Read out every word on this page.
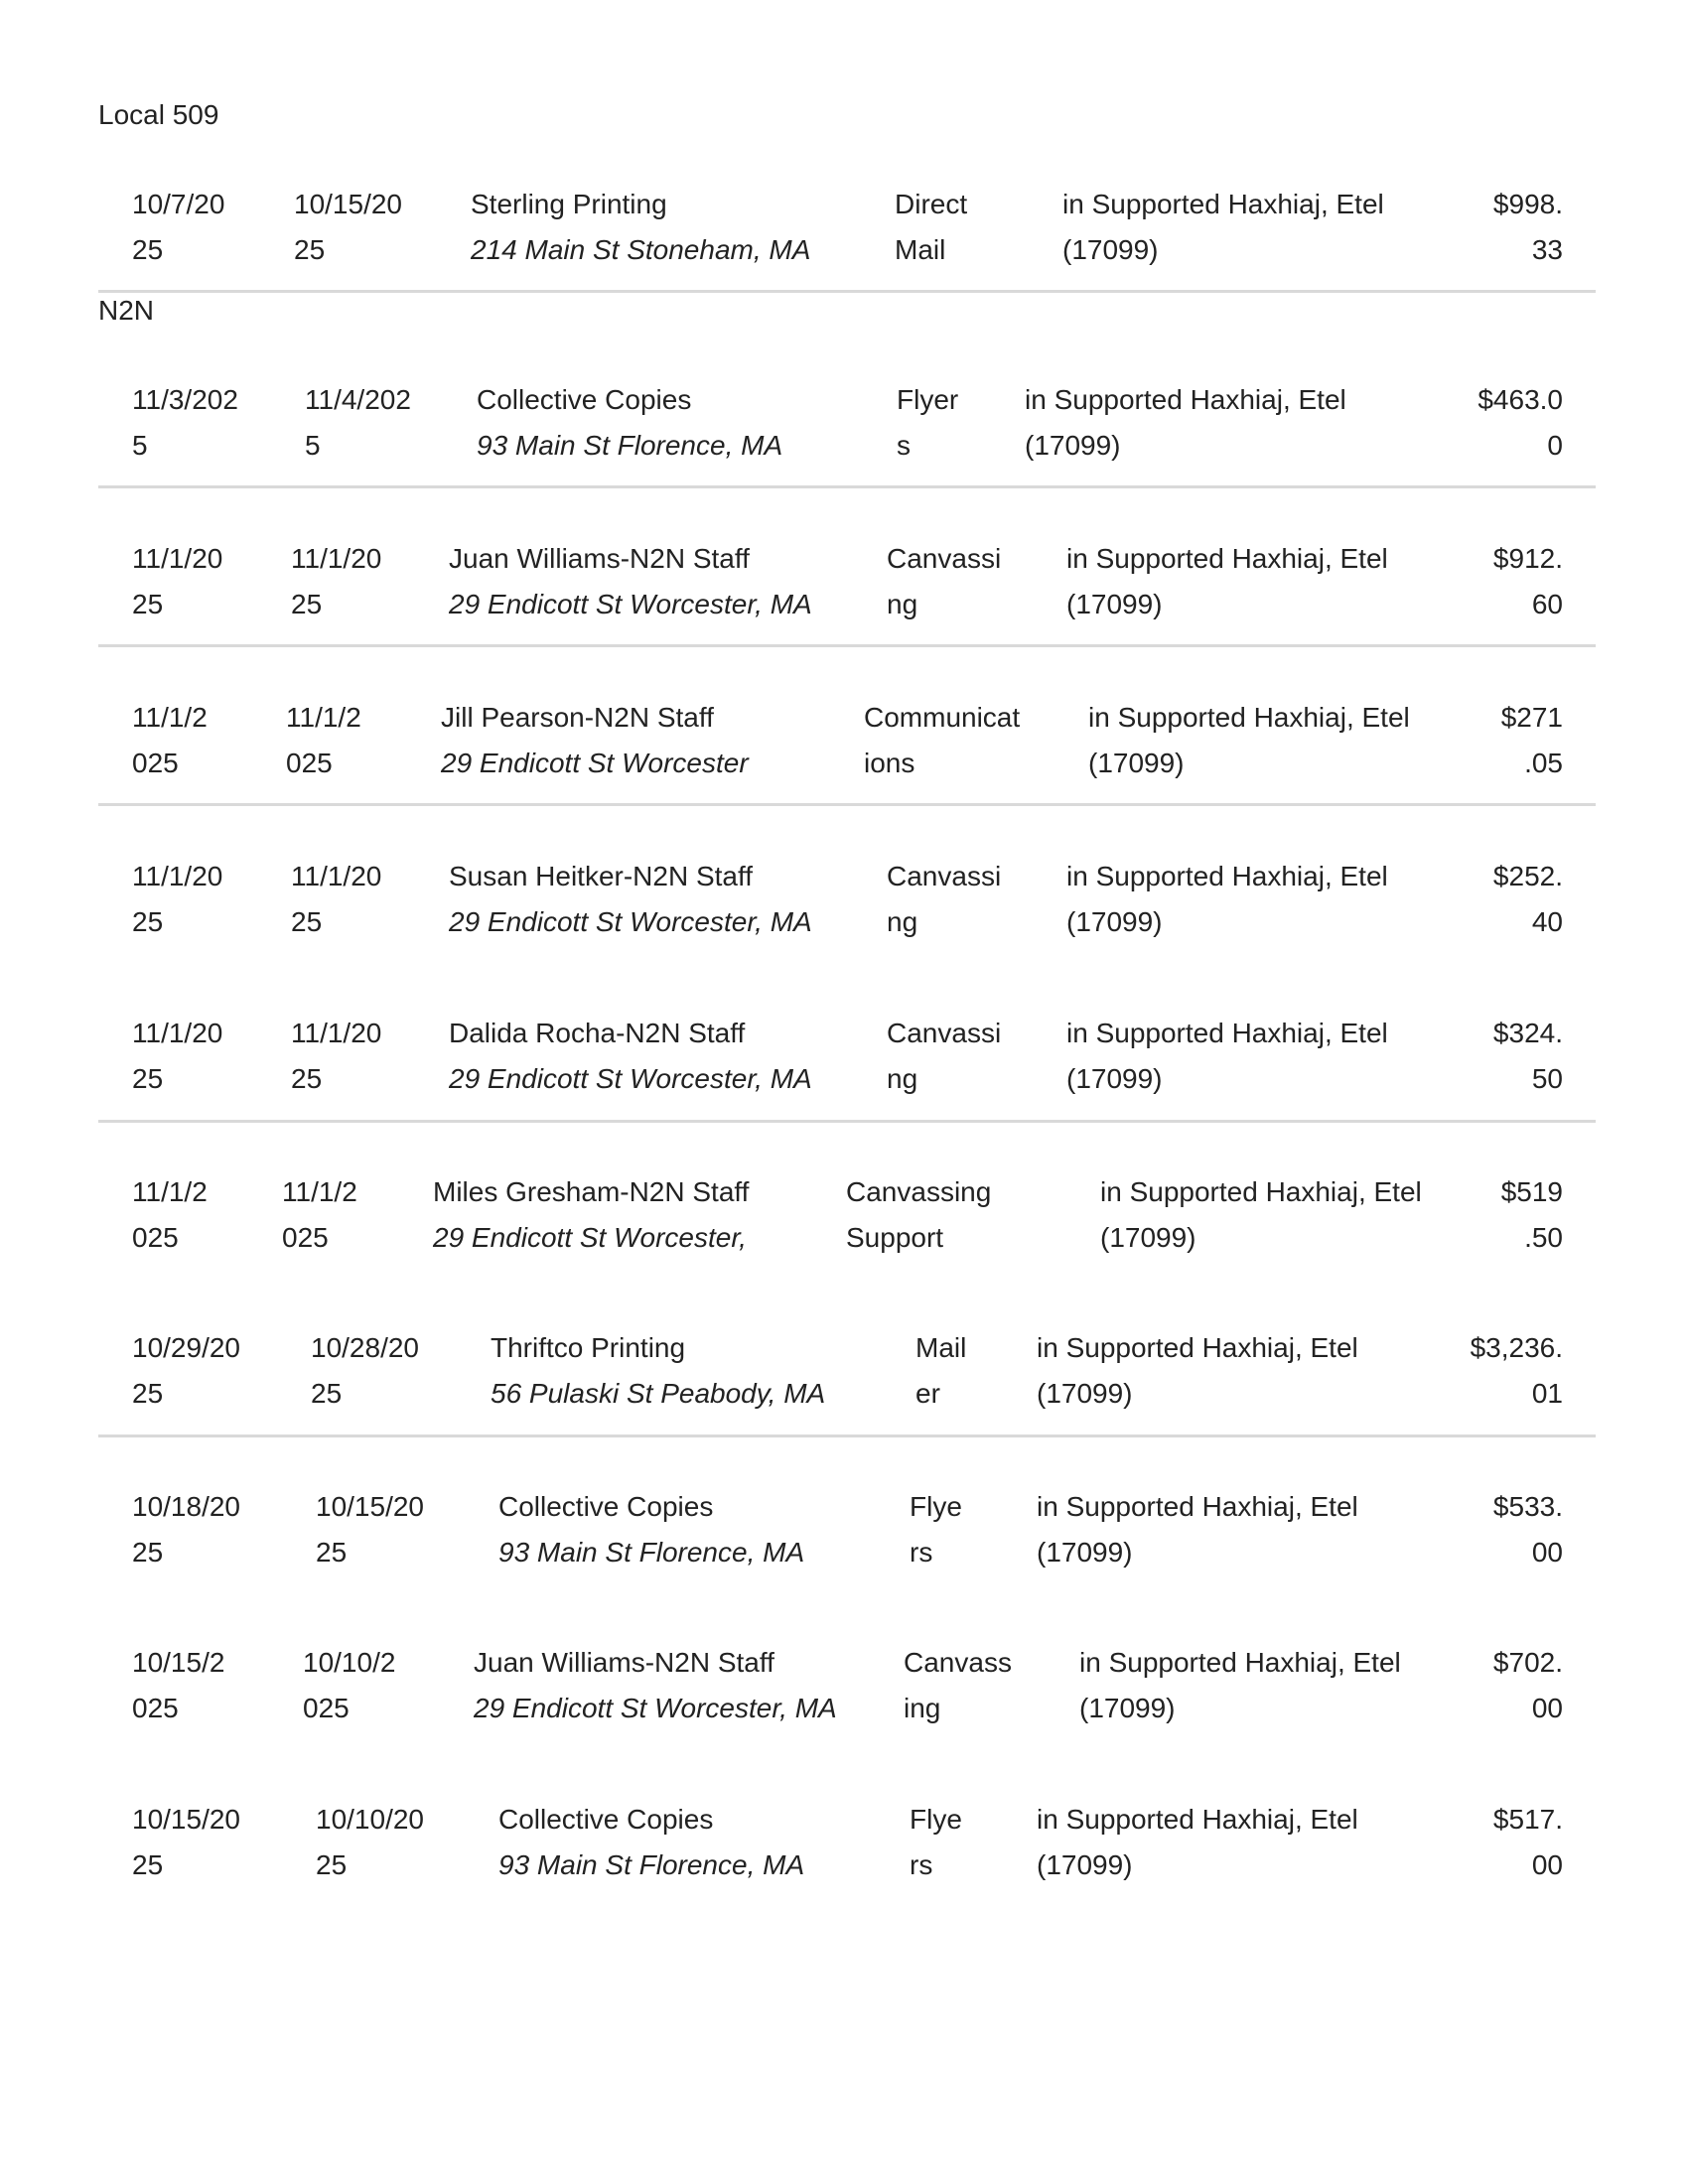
Local 509
10/7/20
25
10/15/20
25
Sterling Printing
214 Main St Stoneham, MA
Direct
Mail
in Supported Haxhiaj, Etel
(17099)
$998.
33
N2N
11/3/202
5
11/4/202
5
Collective Copies
93 Main St Florence, MA
Flyer
s
in Supported Haxhiaj, Etel
(17099)
$463.0
0
11/1/20
25
11/1/20
25
Juan Williams-N2N Staff
29 Endicott St Worcester, MA
Canvassi
ng
in Supported Haxhiaj, Etel
(17099)
$912.
60
11/1/2
025
11/1/2
025
Jill Pearson-N2N Staff
29 Endicott St Worcester
Communicat
ions
in Supported Haxhiaj, Etel
(17099)
$271
.05
11/1/20
25
11/1/20
25
Susan Heitker-N2N Staff
29 Endicott St Worcester, MA
Canvassi
ng
in Supported Haxhiaj, Etel
(17099)
$252.
40
11/1/20
25
11/1/20
25
Dalida Rocha-N2N Staff
29 Endicott St Worcester, MA
Canvassi
ng
in Supported Haxhiaj, Etel
(17099)
$324.
50
11/1/2
025
11/1/2
025
Miles Gresham-N2N Staff
29 Endicott St Worcester,
Canvassing
Support
in Supported Haxhiaj, Etel
(17099)
$519
.50
10/29/20
25
10/28/20
25
Thriftco Printing
56 Pulaski St Peabody, MA
Mail
er
in Supported Haxhiaj, Etel
(17099)
$3,236.
01
10/18/20
25
10/15/20
25
Collective Copies
93 Main St Florence, MA
Flye
rs
in Supported Haxhiaj, Etel
(17099)
$533.
00
10/15/2
025
10/10/2
025
Juan Williams-N2N Staff
29 Endicott St Worcester, MA
Canvass
ing
in Supported Haxhiaj, Etel
(17099)
$702.
00
10/15/20
25
10/10/20
25
Collective Copies
93 Main St Florence, MA
Flye
rs
in Supported Haxhiaj, Etel
(17099)
$517.
00
